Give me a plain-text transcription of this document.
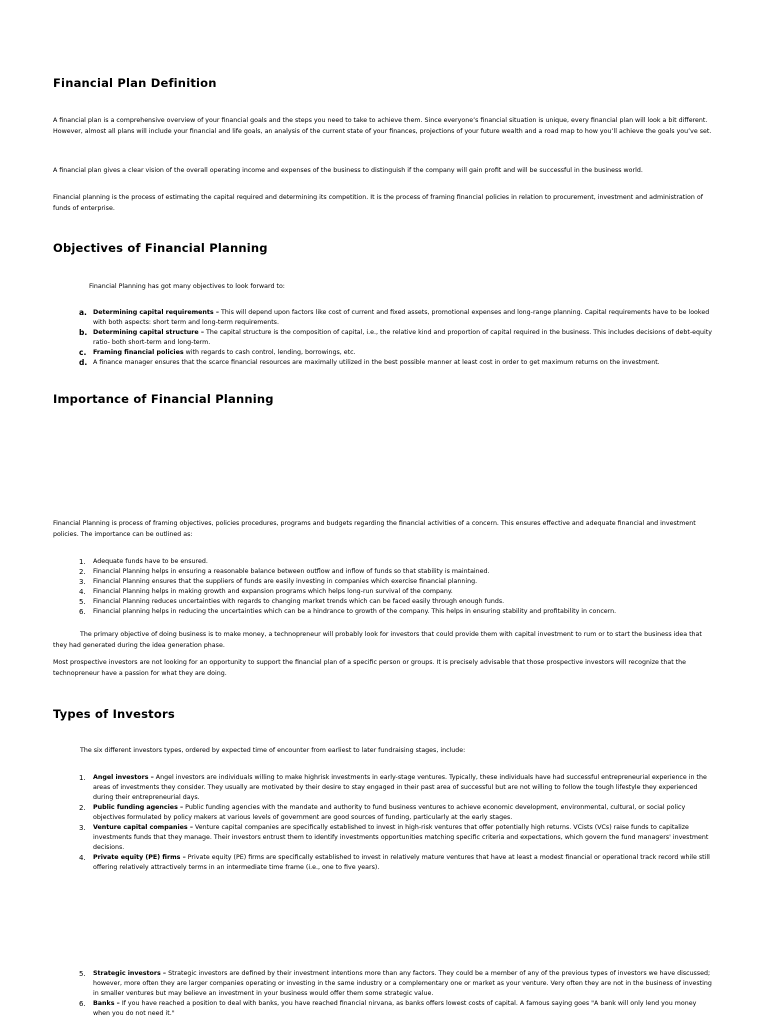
Financial Plan Definition

A financial plan is a comprehensive overview of your financial goals and the steps you need to take to achieve them. Since everyone’s financial situation is unique, every financial plan will look a bit different. However, almost all plans will include your financial and life goals, an analysis of the current state of your finances, projections of your future wealth and a road map to how you’ll achieve the goals you’ve set.

A financial plan gives a clear vision of the overall operating income and expenses of the business to distinguish if the company will gain profit and will be successful in the business world.

Financial planning is the process of estimating the capital required and determining its competition. It is the process of framing financial policies in relation to procurement, investment and administration of funds of enterprise.

Objectives of Financial Planning

Financial Planning has got many objectives to look forward to:

a. Determining capital requirements – This will depend upon factors like cost of current and fixed assets, promotional expenses and long-range planning. Capital requirements have to be looked with both aspects: short term and long-term requirements.
b. Determining capital structure – The capital structure is the composition of capital, i.e., the relative kind and proportion of capital required in the business. This includes decisions of debt-equity ratio- both short-term and long-term.
c. Framing financial policies with regards to cash control, lending, borrowings, etc.
d. A finance manager ensures that the scarce financial resources are maximally utilized in the best possible manner at least cost in order to get maximum returns on the investment.
Importance of Financial Planning

Financial Planning is process of framing objectives, policies procedures, programs and budgets regarding the financial activities of a concern. This ensures effective and adequate financial and investment policies. The importance can be outlined as:

1. Adequate funds have to be ensured.
2. Financial Planning helps in ensuring a reasonable balance between outflow and inflow of funds so that stability is maintained.
3. Financial Planning ensures that the suppliers of funds are easily investing in companies which exercise financial planning.
4. Financial Planning helps in making growth and expansion programs which helps long-run survival of the company.
5. Financial Planning reduces uncertainties with regards to changing market trends which can be faced easily through enough funds.
6. Financial planning helps in reducing the uncertainties which can be a hindrance to growth of the company. This helps in ensuring stability and profitability in concern.

The primary objective of doing business is to make money, a technopreneur will probably look for investors that could provide them with capital investment to rum or to start the business idea that they had generated during the idea generation phase.

Most prospective investors are not looking for an opportunity to support the financial plan of a specific person or groups. It is precisely advisable that those prospective investors will recognize that the technopreneur have a passion for what they are doing.

Types of Investors

The six different investors types, ordered by expected time of encounter from earliest to later fundraising stages, include:

1. Angel investors – Angel investors are individuals willing to make highrisk investments in early-stage ventures. Typically, these individuals have had successful entrepreneurial experience in the areas of investments they consider. They usually are motivated by their desire to stay engaged in their past area of successful but are not willing to follow the tough lifestyle they experienced during their entrepreneurial days.
2. Public funding agencies – Public funding agencies with the mandate and authority to fund business ventures to achieve economic development, environmental, cultural, or social policy objectives formulated by policy makers at various levels of government are good sources of funding, particularly at the early stages.
3. Venture capital companies – Venture capital companies are specifically established to invest in high-risk ventures that offer potentially high returns. VCists (VCs) raise funds to capitalize investments funds that they manage. Their investors entrust them to identify investments opportunities matching specific criteria and expectations, which govern the fund managers' investment decisions.
4. Private equity (PE) firms – Private equity (PE) firms are specifically established to invest in relatively mature ventures that have at least a modest financial or operational track record while still offering relatively attractively terms in an intermediate time frame (i.e., one to five years).
5. Strategic investors – Strategic investors are defined by their investment intentions more than any factors. They could be a member of any of the previous types of investors we have discussed; however, more often they are larger companies operating or investing in the same industry or a complementary one or market as your venture. Very often they are not in the business of investing in smaller ventures but may believe an investment in your business would offer them some strategic value.
6. Banks – If you have reached a position to deal with banks, you have reached financial nirvana, as banks offers lowest costs of capital. A famous saying goes "A bank will only lend you money when you do not need it."
